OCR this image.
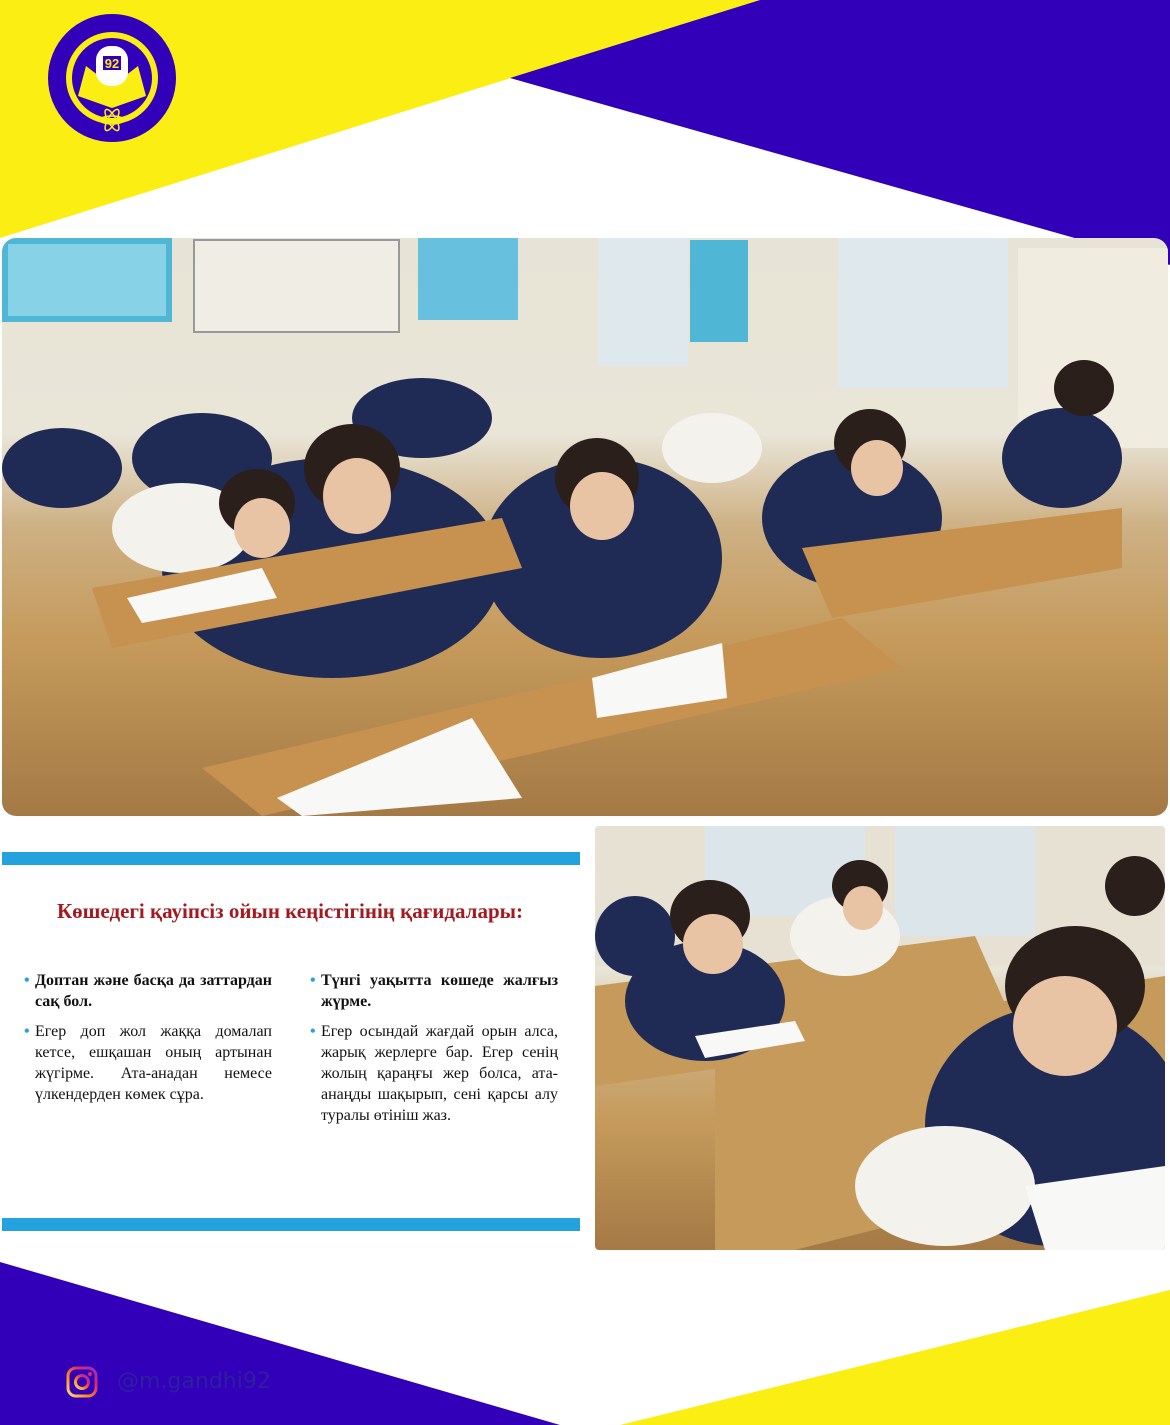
92
Көшедегі қауіпсіз ойын кеңістігінің қағидалары:
• Доптан және басқа да заттардан сақ бол.
• Егер доп жол жаққа домалап кетсе, ешқашан оның артынан жүгірме. Ата-анадан немесе үлкендерден көмек сұра.
• Түнгі уақытта көшеде жалғыз жүрме.
• Егер осындай жағдай орын алса, жарық жерлерге бар. Егер сенің жолың қараңғы жер болса, ата-анаңды шақырып, сені қарсы алу туралы өтініш жаз.
@m.gandhi92
